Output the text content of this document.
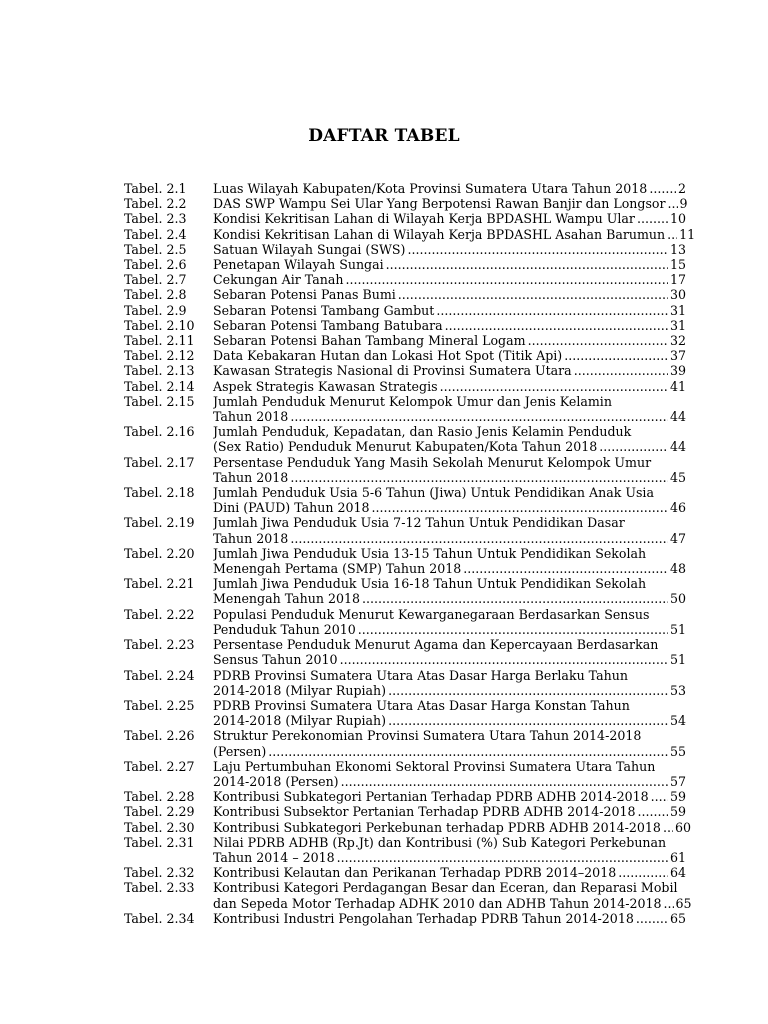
DAFTAR TABEL
Tabel. 2.1	Luas Wilayah Kabupaten/Kota Provinsi Sumatera Utara Tahun 2018 ..... 2
Tabel. 2.2	DAS SWP Wampu Sei Ular Yang Berpotensi Rawan Banjir dan Longsor ..... 9
Tabel. 2.3	Kondisi Kekritisan Lahan di Wilayah Kerja BPDASHL Wampu Ular .....	10
Tabel. 2.4	Kondisi Kekritisan Lahan di Wilayah Kerja BPDASHL Asahan Barumun ..... 11
Tabel. 2.5	Satuan Wilayah Sungai (SWS) .....	13
Tabel. 2.6	Penetapan Wilayah Sungai .....	15
Tabel. 2.7	Cekungan Air Tanah .....	17
Tabel. 2.8	Sebaran Potensi Panas Bumi .....	30
Tabel. 2.9	Sebaran Potensi Tambang Gambut .....	31
Tabel. 2.10	Sebaran Potensi Tambang Batubara .....	31
Tabel. 2.11	Sebaran Potensi Bahan Tambang Mineral Logam .....	32
Tabel. 2.12	Data Kebakaran Hutan dan Lokasi Hot Spot (Titik Api) .....	37
Tabel. 2.13	Kawasan Strategis Nasional di Provinsi Sumatera Utara .....	39
Tabel. 2.14	Aspek Strategis Kawasan Strategis .....	41
Tabel. 2.15	Jumlah Penduduk Menurut Kelompok Umur dan Jenis Kelamin
Tahun 2018 .....	44
Tabel. 2.16	Jumlah Penduduk, Kepadatan, dan Rasio Jenis Kelamin Penduduk
(Sex Ratio) Penduduk Menurut Kabupaten/Kota Tahun 2018 .....	44
Tabel. 2.17	Persentase Penduduk Yang Masih Sekolah Menurut Kelompok Umur
Tahun 2018 .....	45
Tabel. 2.18	Jumlah Penduduk Usia 5-6 Tahun (Jiwa) Untuk Pendidikan Anak Usia
Dini (PAUD) Tahun 2018 .....	46
Tabel. 2.19	Jumlah Jiwa Penduduk Usia 7-12 Tahun Untuk Pendidikan Dasar
Tahun 2018 .....	47
Tabel. 2.20	Jumlah Jiwa Penduduk Usia 13-15 Tahun Untuk Pendidikan Sekolah
Menengah Pertama (SMP) Tahun 2018 .....	48
Tabel. 2.21	Jumlah Jiwa Penduduk Usia 16-18 Tahun Untuk Pendidikan Sekolah
Menengah Tahun 2018 .....	50
Tabel. 2.22	Populasi Penduduk Menurut Kewarganegaraan Berdasarkan Sensus
Penduduk Tahun 2010 .....	51
Tabel. 2.23	Persentase Penduduk Menurut Agama dan Kepercayaan Berdasarkan
Sensus Tahun 2010 .....	51
Tabel. 2.24	PDRB Provinsi Sumatera Utara Atas Dasar Harga Berlaku Tahun
2014-2018 (Milyar Rupiah) .....	53
Tabel. 2.25	PDRB Provinsi Sumatera Utara Atas Dasar Harga Konstan Tahun
2014-2018 (Milyar Rupiah) .....	54
Tabel. 2.26	Struktur Perekonomian Provinsi Sumatera Utara Tahun 2014-2018
(Persen) .....	55
Tabel. 2.27	Laju Pertumbuhan Ekonomi Sektoral Provinsi Sumatera Utara Tahun
2014-2018 (Persen) .....	57
Tabel. 2.28	Kontribusi Subkategori Pertanian Terhadap PDRB ADHB 2014-2018 ..... 59
Tabel. 2.29	Kontribusi Subsektor Pertanian Terhadap PDRB ADHB 2014-2018 .....	59
Tabel. 2.30	Kontribusi Subkategori Perkebunan terhadap PDRB ADHB 2014-2018 ..... 60
Tabel. 2.31	Nilai PDRB ADHB (Rp.Jt) dan Kontribusi (%) Sub Kategori Perkebunan
Tahun 2014 – 2018 .....	61
Tabel. 2.32	Kontribusi Kelautan dan Perikanan Terhadap PDRB 2014–2018 .....	64
Tabel. 2.33	Kontribusi Kategori Perdagangan Besar dan Eceran, dan Reparasi Mobil
dan Sepeda Motor Terhadap ADHK 2010 dan ADHB Tahun 2014-2018 ..... 65
Tabel. 2.34	Kontribusi Industri Pengolahan Terhadap PDRB Tahun 2014-2018 .....	65
